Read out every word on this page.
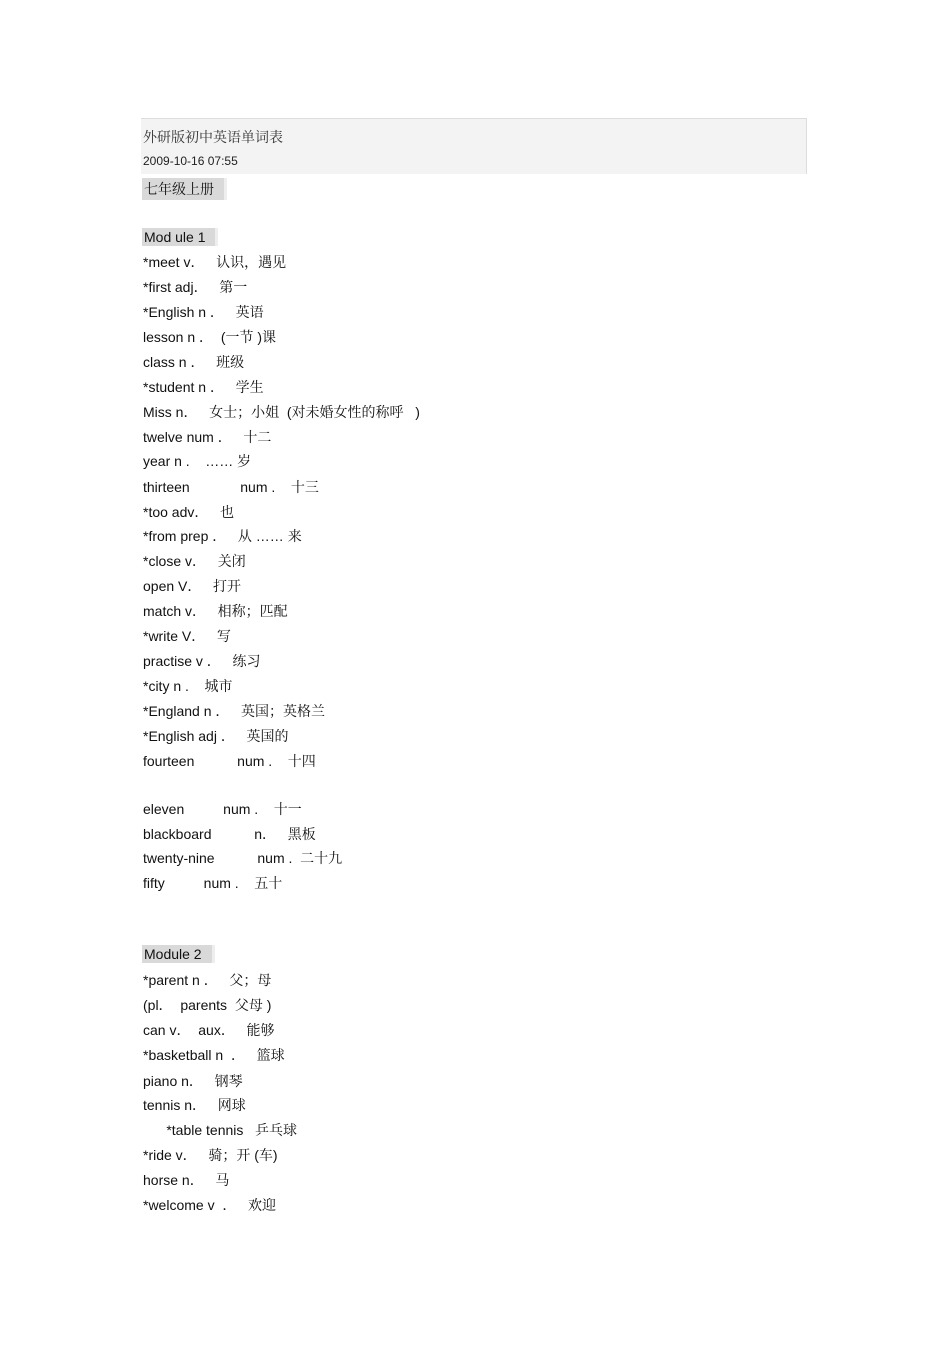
外研版初中英语单词表
2009-10-16 07:55
七年级上册
Mod ule 1
*meet v．   认识，遇见
*first adj．   第一
*English n ．   英语
lesson n ．  (一节 )课
class n ．   班级
*student n ．   学生
Miss n．   女士；小姐  (对未婚女性的称呼   )
twelve num ．   十二
year n .    …… 岁
thirteen             num .    十三
*too adv．   也
*from prep ．   从 …… 来
*close v．   关闭
open V．   打开
match v．   相称；匹配
*write V．   写
practise v ．   练习
*city n .    城市
*England n ．   英国；英格兰
*English adj ．   英国的
fourteen           num .    十四
eleven          num .    十一
blackboard           n．   黑板
twenty-nine           num .  二十九
fifty          num .    五十
Module 2
*parent n ．   父；母
(pl．  parents  父母 )
can v．  aux．   能够
*basketball n  ．   篮球
piano n．   钢琴
tennis n．   网球
*table tennis   乒乓球
*ride v．   骑；开 (车)
horse n．   马
*welcome v  ．   欢迎
